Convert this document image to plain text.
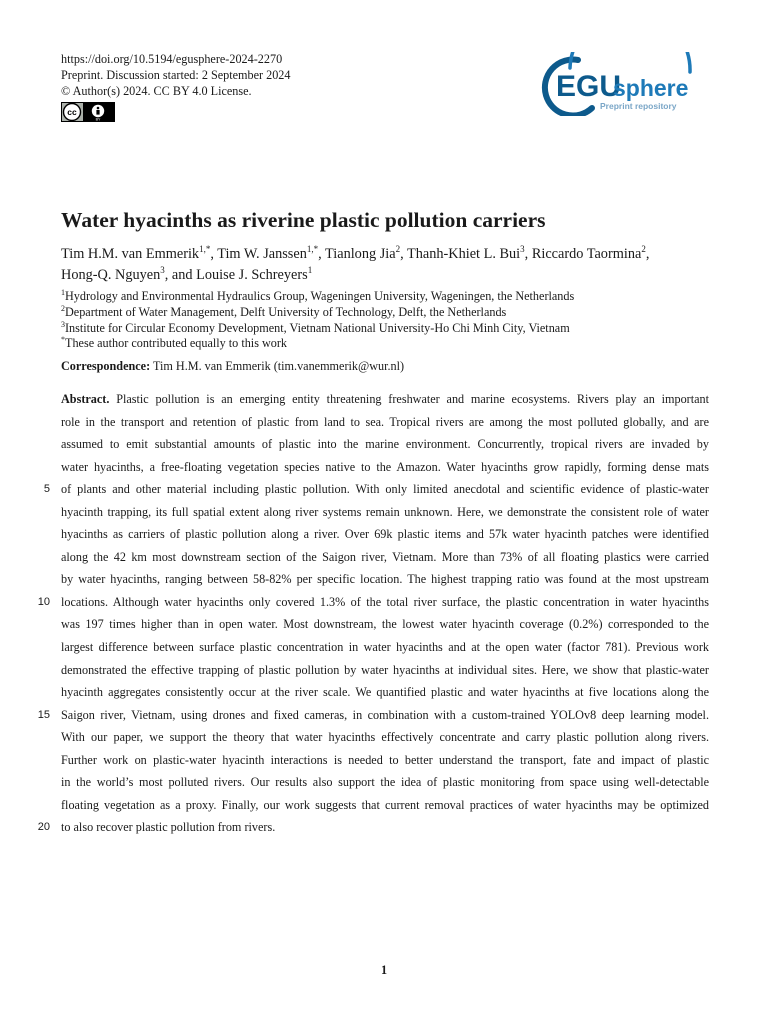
https://doi.org/10.5194/egusphere-2024-2270
Preprint. Discussion started: 2 September 2024
© Author(s) 2024. CC BY 4.0 License.
cc
BY
EGU
sphere
Preprint repository
Water hyacinths as riverine plastic pollution carriers
Tim H.M. van Emmerik$^{1,*}$, Tim W. Janssen$^{1,*}$, Tianlong Jia$^2$, Thanh-Khiet L. Bui$^3$, Riccardo Taormina$^2$,
Hong-Q. Nguyen$^3$, and Louise J. Schreyers$^1$
$^1$Hydrology and Environmental Hydraulics Group, Wageningen University, Wageningen, the Netherlands
$^2$Department of Water Management, Delft University of Technology, Delft, the Netherlands
$^3$Institute for Circular Economy Development, Vietnam National University-Ho Chi Minh City, Vietnam
*These author contributed equally to this work
Correspondence: Tim H.M. van Emmerik (tim.vanemmerik@wur.nl)
5
10
15
20
Abstract. Plastic pollution is an emerging entity threatening freshwater and marine ecosystems. Rivers play an important
role in the transport and retention of plastic from land to sea. Tropical rivers are among the most polluted globally, and are
assumed to emit substantial amounts of plastic into the marine environment. Concurrently, tropical rivers are invaded by
water hyacinths, a free-floating vegetation species native to the Amazon. Water hyacinths grow rapidly, forming dense mats
of plants and other material including plastic pollution. With only limited anecdotal and scientific evidence of plastic-water
hyacinth trapping, its full spatial extent along river systems remain unknown. Here, we demonstrate the consistent role of water
hyacinths as carriers of plastic pollution along a river. Over 69k plastic items and 57k water hyacinth patches were identified
along the 42 km most downstream section of the Saigon river, Vietnam. More than 73% of all floating plastics were carried
by water hyacinths, ranging between 58-82% per specific location. The highest trapping ratio was found at the most upstream
locations. Although water hyacinths only covered 1.3% of the total river surface, the plastic concentration in water hyacinths
was 197 times higher than in open water. Most downstream, the lowest water hyacinth coverage (0.2%) corresponded to the
largest difference between surface plastic concentration in water hyacinths and at the open water (factor 781). Previous work
demonstrated the effective trapping of plastic pollution by water hyacinths at individual sites. Here, we show that plastic-water
hyacinth aggregates consistently occur at the river scale. We quantified plastic and water hyacinths at five locations along the
Saigon river, Vietnam, using drones and fixed cameras, in combination with a custom-trained YOLOv8 deep learning model.
With our paper, we support the theory that water hyacinths effectively concentrate and carry plastic pollution along rivers.
Further work on plastic-water hyacinth interactions is needed to better understand the transport, fate and impact of plastic
in the world’s most polluted rivers. Our results also support the idea of plastic monitoring from space using well-detectable
floating vegetation as a proxy. Finally, our work suggests that current removal practices of water hyacinths may be optimized
to also recover plastic pollution from rivers.
1
